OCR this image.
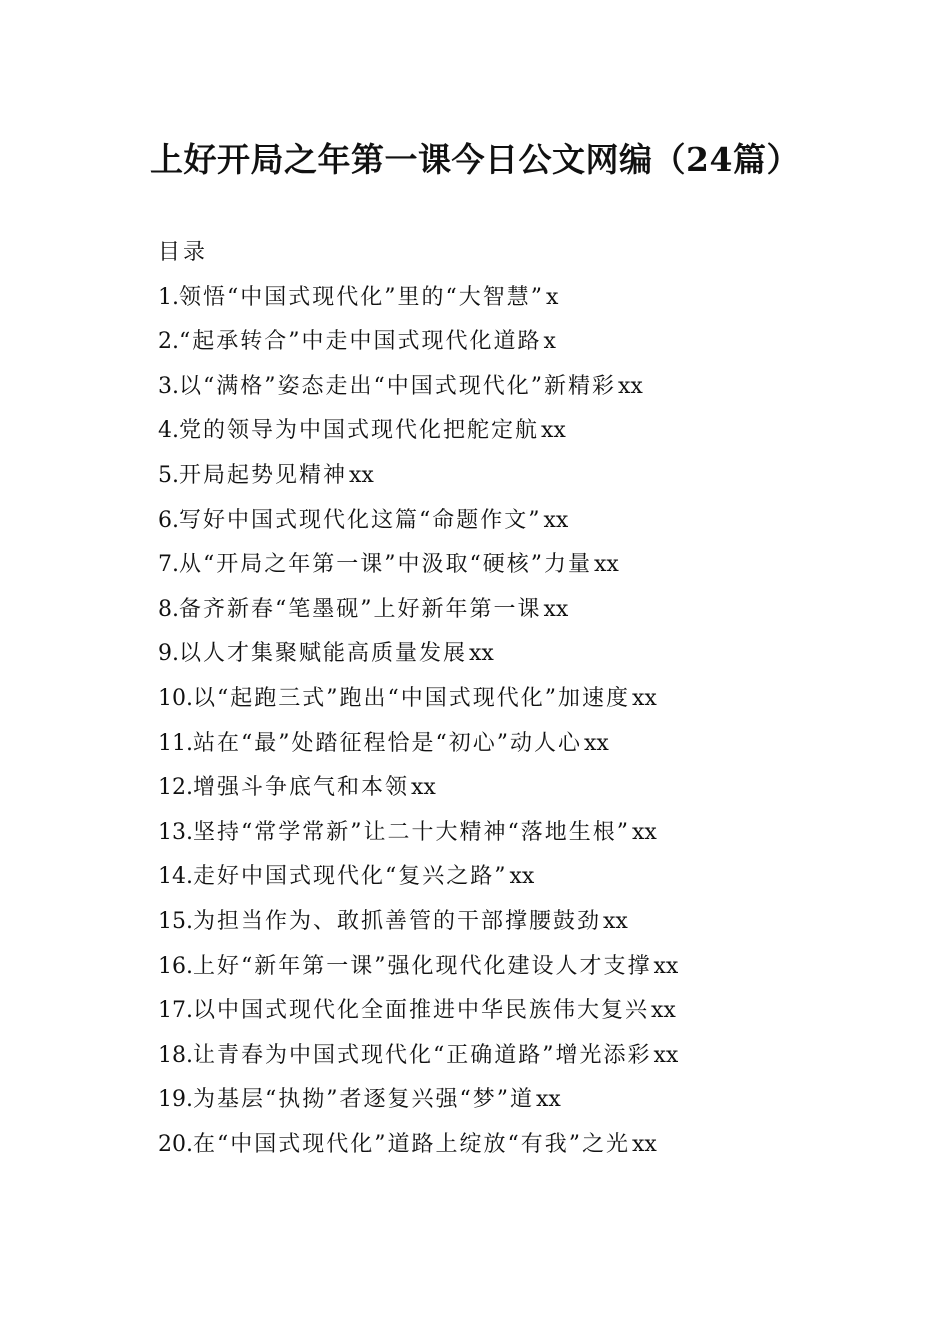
上好开局之年第一课今日公文网编（24篇）
目录
1.领悟“中国式现代化”里的“大智慧”x
2.“起承转合”中走中国式现代化道路x
3.以“满格”姿态走出“中国式现代化”新精彩xx
4.党的领导为中国式现代化把舵定航xx
5.开局起势见精神xx
6.写好中国式现代化这篇“命题作文”xx
7.从“开局之年第一课”中汲取“硬核”力量xx
8.备齐新春“笔墨砚”上好新年第一课xx
9.以人才集聚赋能高质量发展xx
10.以“起跑三式”跑出“中国式现代化”加速度xx
11.站在“最”处踏征程恰是“初心”动人心xx
12.增强斗争底气和本领xx
13.坚持“常学常新”让二十大精神“落地生根”xx
14.走好中国式现代化“复兴之路”xx
15.为担当作为、敢抓善管的干部撑腰鼓劲xx
16.上好“新年第一课”强化现代化建设人才支撑xx
17.以中国式现代化全面推进中华民族伟大复兴xx
18.让青春为中国式现代化“正确道路”增光添彩xx
19.为基层“执拗”者逐复兴强“梦”道xx
20.在“中国式现代化”道路上绽放“有我”之光xx
